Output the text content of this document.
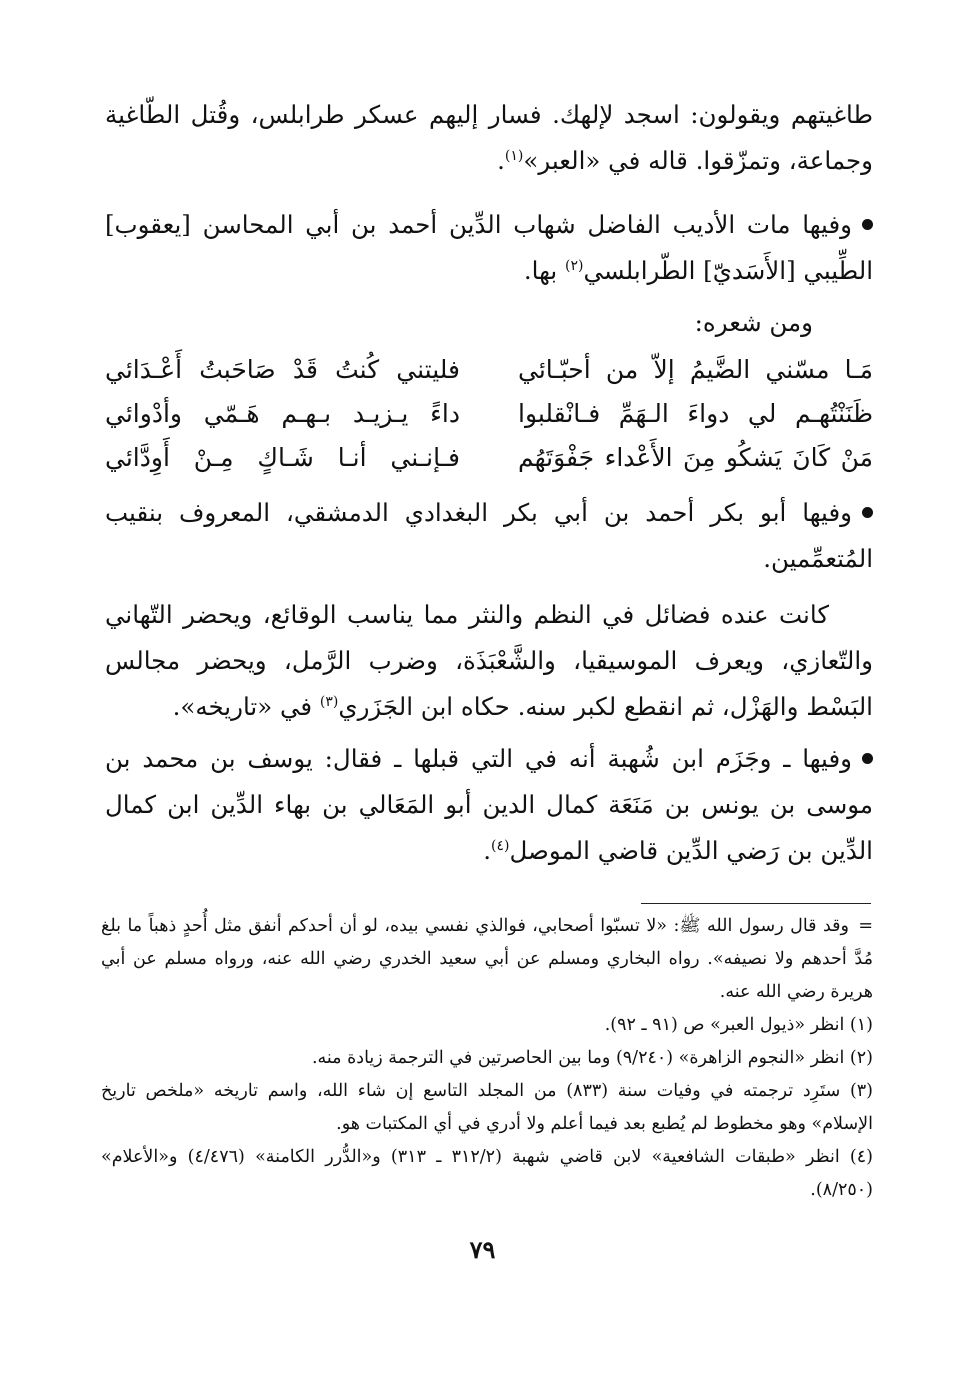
طاغيتهم ويقولون: اسجد لإلهك. فسار إليهم عسكر طرابلس، وقُتل الطّاغية وجماعة، وتمزّقوا. قاله في «العبر»$^{(١)}$.

وفيها مات الأديب الفاضل شهاب الدِّين أحمد بن أبي المحاسن [يعقوب] الطِّيبي [الأَسَديّ] الطّرابلسي$^{(٢)}$ بها.

ومن شعره:

مَـا مسّني الضَّيمُ إلاّ من أحبّـائي
فليتني كُنتُ قَدْ صَاحَبتُ أَعْـدَائي
ظَنَنْتُهـم لي دواءَ الـهَمِّ فـانْقلبوا
داءً يـزيـد بـهـم هَـمّي وأدْوائي
مَنْ كَانَ يَشكُو مِنَ الأَعْداء جَفْوَتَهُم
فـإنـني أنـا شَـاكٍ مِـنْ أَوِدَّائي

وفيها أبو بكر أحمد بن أبي بكر البغدادي الدمشقي، المعروف بنقيب المُتعمِّمين.

كانت عنده فضائل في النظم والنثر مما يناسب الوقائع، ويحضر التّهاني والتّعازي، ويعرف الموسيقيا، والشَّعْبَذَة، وضرب الرَّمل، ويحضر مجالس البَسْط والهَزْل، ثم انقطع لكبر سنه. حكاه ابن الجَزَري$^{(٣)}$ في «تاريخه».

وفيها ـ وجَزَم ابن شُهبة أنه في التي قبلها ـ فقال: يوسف بن محمد بن موسى بن يونس بن مَنَعَة كمال الدين أبو المَعَالي بن بهاء الدِّين ابن كمال الدِّين بن رَضي الدِّين قاضي الموصل$^{(٤)}$.

=وقد قال رسول الله ﷺ: «لا تسبّوا أصحابي، فوالذي نفسي بيده، لو أن أحدكم أنفق مثل أُحدٍ ذهباً ما بلغ مُدَّ أحدهم ولا نصيفه». رواه البخاري ومسلم عن أبي سعيد الخدري رضي الله عنه، ورواه مسلم عن أبي هريرة رضي الله عنه.

(١) انظر «ذيول العبر» ص (٩١ ـ ٩٢).

(٢) انظر «النجوم الزاهرة» (٩/٢٤٠) وما بين الحاصرتين في الترجمة زيادة منه.

(٣) ستَرِد ترجمته في وفيات سنة (٨٣٣) من المجلد التاسع إن شاء الله، واسم تاريخه «ملخص تاريخ الإسلام» وهو مخطوط لم يُطبع بعد فيما أعلم ولا أدري في أي المكتبات هو.

(٤) انظر «طبقات الشافعية» لابن قاضي شهبة (٣١٢/٢ ـ ٣١٣) و«الدُّرر الكامنة» (٤/٤٧٦) و«الأعلام» (٨/٢٥٠).

٧٩
